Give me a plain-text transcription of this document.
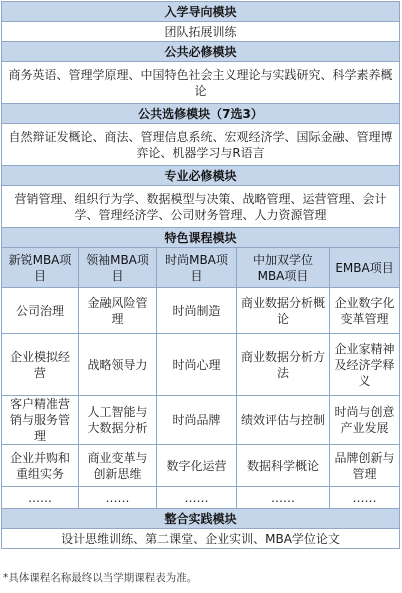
入学导向模块				
团队拓展训练				
公共必修模块				
商务英语、管理学原理、中国特色社会主义理论与实践研究、科学素养概论				
公共选修模块（7选3）				
自然辩证发概论、商法、管理信息系统、宏观经济学、国际金融、管理博弈论、机器学习与R语言				
专业必修模块				
营销管理、组织行为学、数据模型与决策、战略管理、运营管理、会计学、管理经济学、公司财务管理、人力资源管理				
特色课程模块				
新锐MBA项目	领袖MBA项目	时尚MBA项目	中加双学位MBA项目	EMBA项目
公司治理	金融风险管理	时尚制造	商业数据分析概论	企业数字化变革管理
企业模拟经营	战略领导力	时尚心理	商业数据分析方法	企业家精神及经济学释义
客户精准营销与服务管理	人工智能与大数据分析	时尚品牌	绩效评估与控制	时尚与创意产业发展
企业并购和重组实务	商业变革与创新思维	数字化运营	数据科学概论	品牌创新与管理
……	……	……	……	……
整合实践模块				
设计思维训练、第二课堂、企业实训、MBA学位论文				
*具体课程名称最终以当学期课程表为准。
